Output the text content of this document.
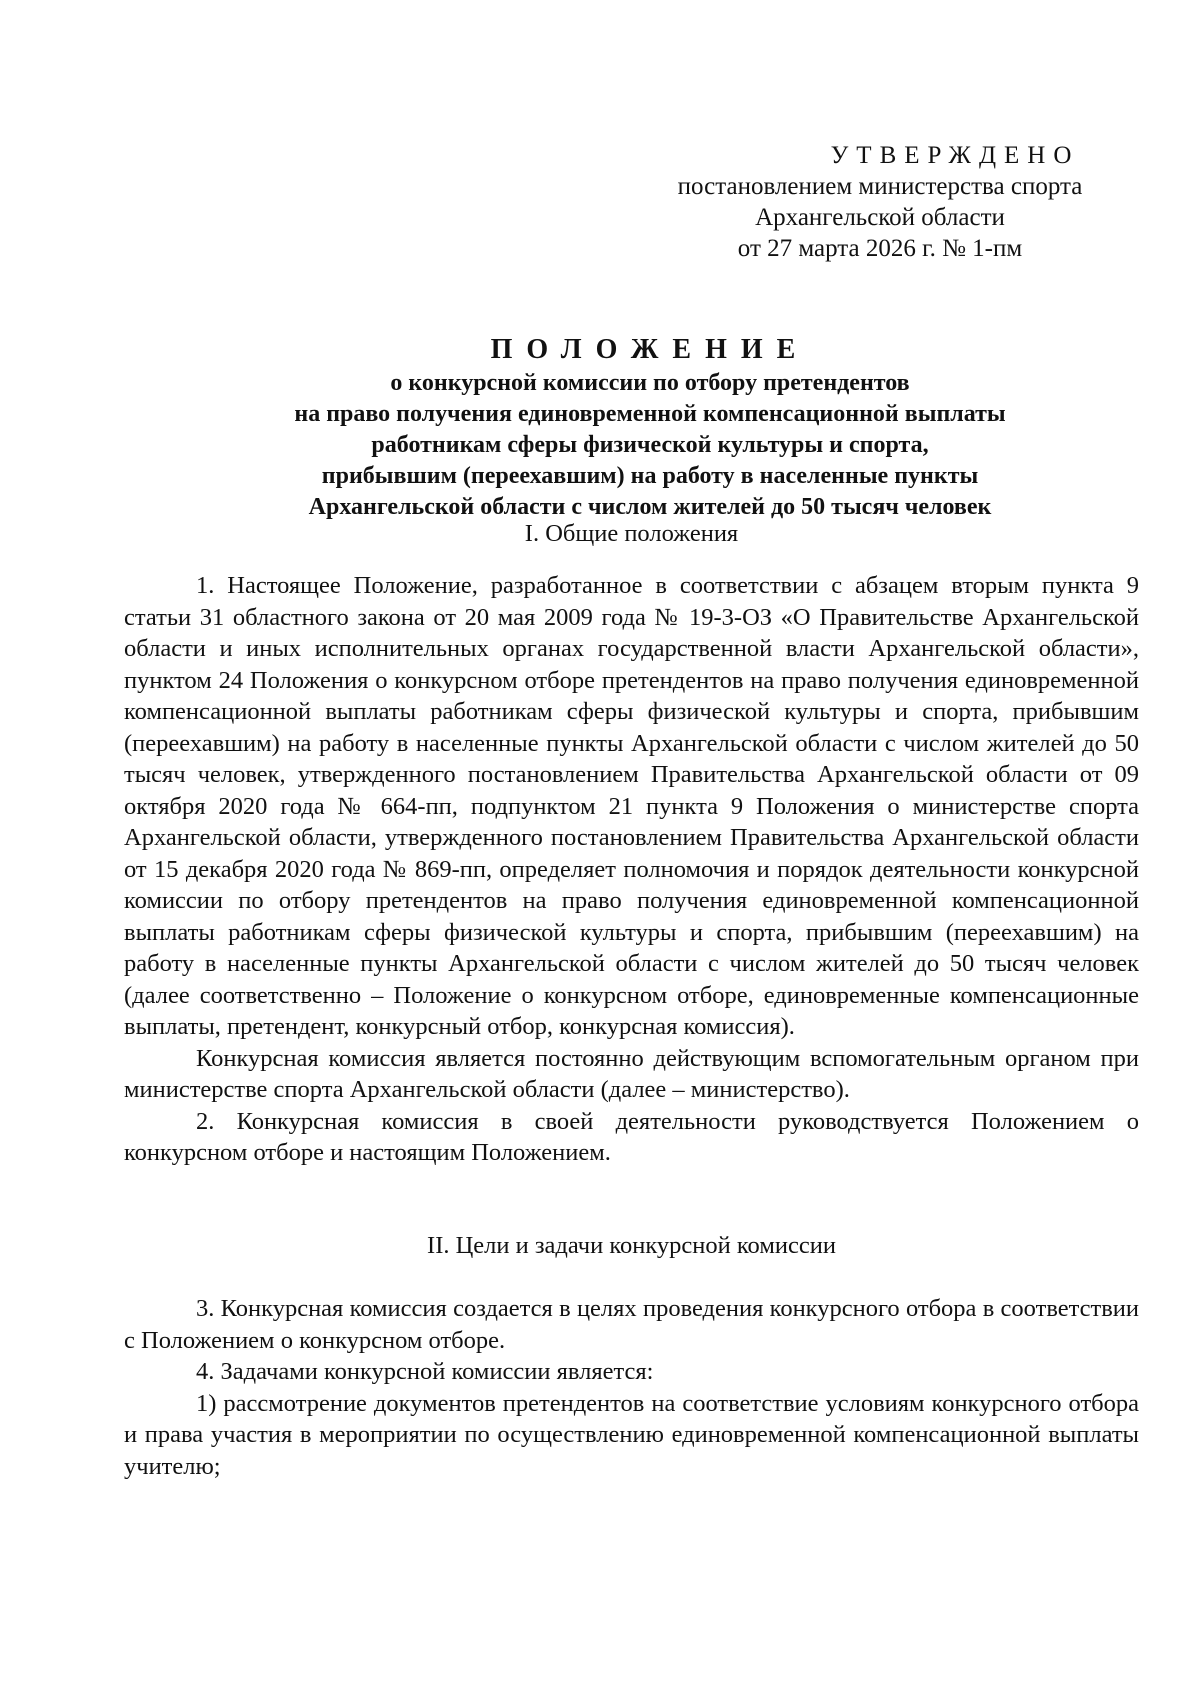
УТВЕРЖДЕНО
постановлением министерства спорта
Архангельской области
от 27 марта 2026 г. № 1-пм
ПОЛОЖЕНИЕ
о конкурсной комиссии по отбору претендентов
на право получения единовременной компенсационной выплаты
работникам сферы физической культуры и спорта,
прибывшим (переехавшим) на работу в населенные пункты
Архангельской области с числом жителей до 50 тысяч человек
I. Общие положения

1. Настоящее Положение, разработанное в соответствии с абзацем вторым пункта 9 статьи 31 областного закона от 20 мая 2009 года № 19-3-ОЗ «О Правительстве Архангельской области и иных исполнительных органах государственной власти Архангельской области», пунктом 24 Положения о конкурсном отборе претендентов на право получения единовременной компенсационной выплаты работникам сферы физической культуры и спорта, прибывшим (переехавшим) на работу в населенные пункты Архангельской области с числом жителей до 50 тысяч человек, утвержденного постановлением Правительства Архангельской области от 09 октября 2020 года № 664-пп, подпунктом 21 пункта 9 Положения о министерстве спорта Архангельской области, утвержденного постановлением Правительства Архангельской области от 15 декабря 2020 года № 869-пп, определяет полномочия и порядок деятельности конкурсной комиссии по отбору претендентов на право получения единовременной компенсационной выплаты работникам сферы физической культуры и спорта, прибывшим (переехавшим) на работу в населенные пункты Архангельской области с числом жителей до 50 тысяч человек (далее соответственно – Положение о конкурсном отборе, единовременные компенсационные выплаты, претендент, конкурсный отбор, конкурсная комиссия).

Конкурсная комиссия является постоянно действующим вспомогательным органом при министерстве спорта Архангельской области (далее – министерство).

2. Конкурсная комиссия в своей деятельности руководствуется Положением о конкурсном отборе и настоящим Положением.

II. Цели и задачи конкурсной комиссии

3. Конкурсная комиссия создается в целях проведения конкурсного отбора в соответствии с Положением о конкурсном отборе.

4. Задачами конкурсной комиссии является:

1) рассмотрение документов претендентов на соответствие условиям конкурсного отбора и права участия в мероприятии по осуществлению единовременной компенсационной выплаты учителю;
